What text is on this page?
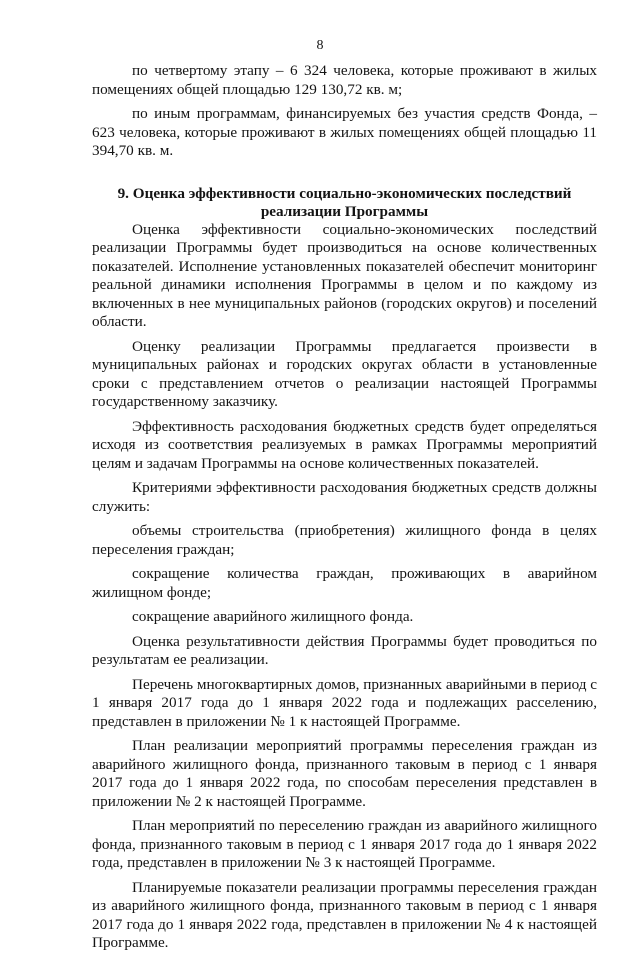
8

по четвертому этапу – 6 324 человека, которые проживают в жилых помещениях общей площадью 129 130,72 кв. м;

по иным программам, финансируемых без участия средств Фонда, – 623 человека, которые проживают в жилых помещениях общей площадью 11 394,70 кв. м.

9. Оценка эффективности социально-экономических последствий
реализации Программы

Оценка эффективности социально-экономических последствий реализации Программы будет производиться на основе количественных показателей. Исполнение установленных показателей обеспечит мониторинг реальной динамики исполнения Программы в целом и по каждому из включенных в нее муниципальных районов (городских округов) и поселений области.

Оценку реализации Программы предлагается произвести в муниципальных районах и городских округах области в установленные сроки с представлением отчетов о реализации настоящей Программы государственному заказчику.

Эффективность расходования бюджетных средств будет определяться исходя из соответствия реализуемых в рамках Программы мероприятий целям и задачам Программы на основе количественных показателей.

Критериями эффективности расходования бюджетных средств должны служить:

объемы строительства (приобретения) жилищного фонда в целях переселения граждан;

сокращение количества граждан, проживающих в аварийном жилищном фонде;

сокращение аварийного жилищного фонда.

Оценка результативности действия Программы будет проводиться по результатам ее реализации.

Перечень многоквартирных домов, признанных аварийными в период с 1 января 2017 года до 1 января 2022 года и подлежащих расселению, представлен в приложении № 1 к настоящей Программе.

План реализации мероприятий программы переселения граждан из аварийного жилищного фонда, признанного таковым в период с 1 января 2017 года до 1 января 2022 года, по способам переселения представлен в приложении № 2 к настоящей Программе.

План мероприятий по переселению граждан из аварийного жилищного фонда, признанного таковым в период с 1 января 2017 года до 1 января 2022 года, представлен в приложении № 3 к настоящей Программе.

Планируемые показатели реализации программы переселения граждан из аварийного жилищного фонда, признанного таковым в период с 1 января 2017 года до 1 января 2022 года, представлен в приложении № 4 к настоящей Программе.
